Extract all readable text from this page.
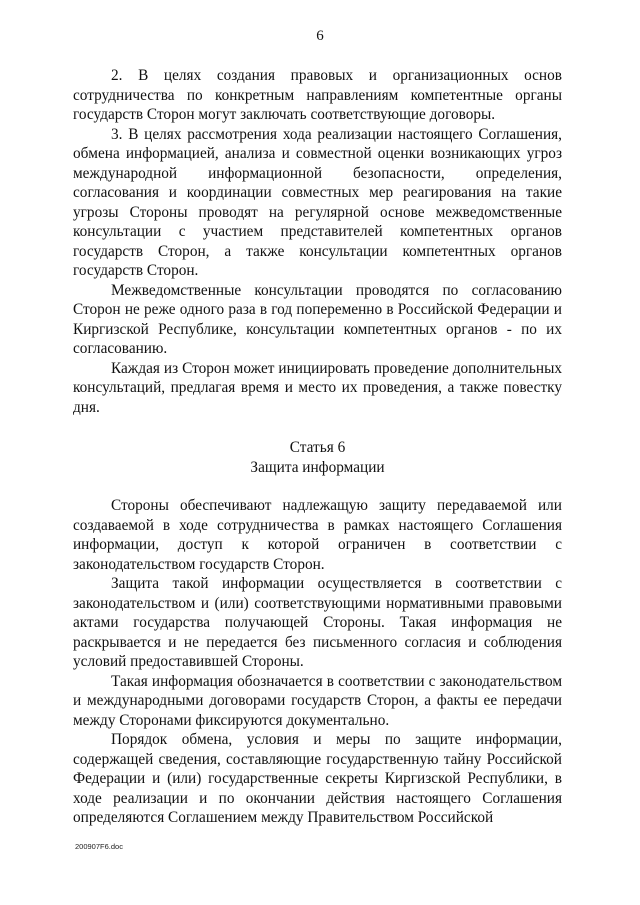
6

2. В целях создания правовых и организационных основ сотрудничества по конкретным направлениям компетентные органы государств Сторон могут заключать соответствующие договоры.

3. В целях рассмотрения хода реализации настоящего Соглашения, обмена информацией, анализа и совместной оценки возникающих угроз международной информационной безопасности, определения, согласования и координации совместных мер реагирования на такие угрозы Стороны проводят на регулярной основе межведомственные консультации с участием представителей компетентных органов государств Сторон, а также консультации компетентных органов государств Сторон.

Межведомственные консультации проводятся по согласованию Сторон не реже одного раза в год попеременно в Российской Федерации и Киргизской Республике, консультации компетентных органов - по их согласованию.

Каждая из Сторон может инициировать проведение дополнительных консультаций, предлагая время и место их проведения, а также повестку дня.

Статья 6

Защита информации

Стороны обеспечивают надлежащую защиту передаваемой или создаваемой в ходе сотрудничества в рамках настоящего Соглашения информации, доступ к которой ограничен в соответствии с законодательством государств Сторон.

Защита такой информации осуществляется в соответствии с законодательством и (или) соответствующими нормативными правовыми актами государства получающей Стороны. Такая информация не раскрывается и не передается без письменного согласия и соблюдения условий предоставившей Стороны.

Такая информация обозначается в соответствии с законодательством и международными договорами государств Сторон, а факты ее передачи между Сторонами фиксируются документально.

Порядок обмена, условия и меры по защите информации, содержащей сведения, составляющие государственную тайну Российской Федерации и (или) государственные секреты Киргизской Республики, в ходе реализации и по окончании действия настоящего Соглашения определяются Соглашением между Правительством Российской

200907F6.doc
